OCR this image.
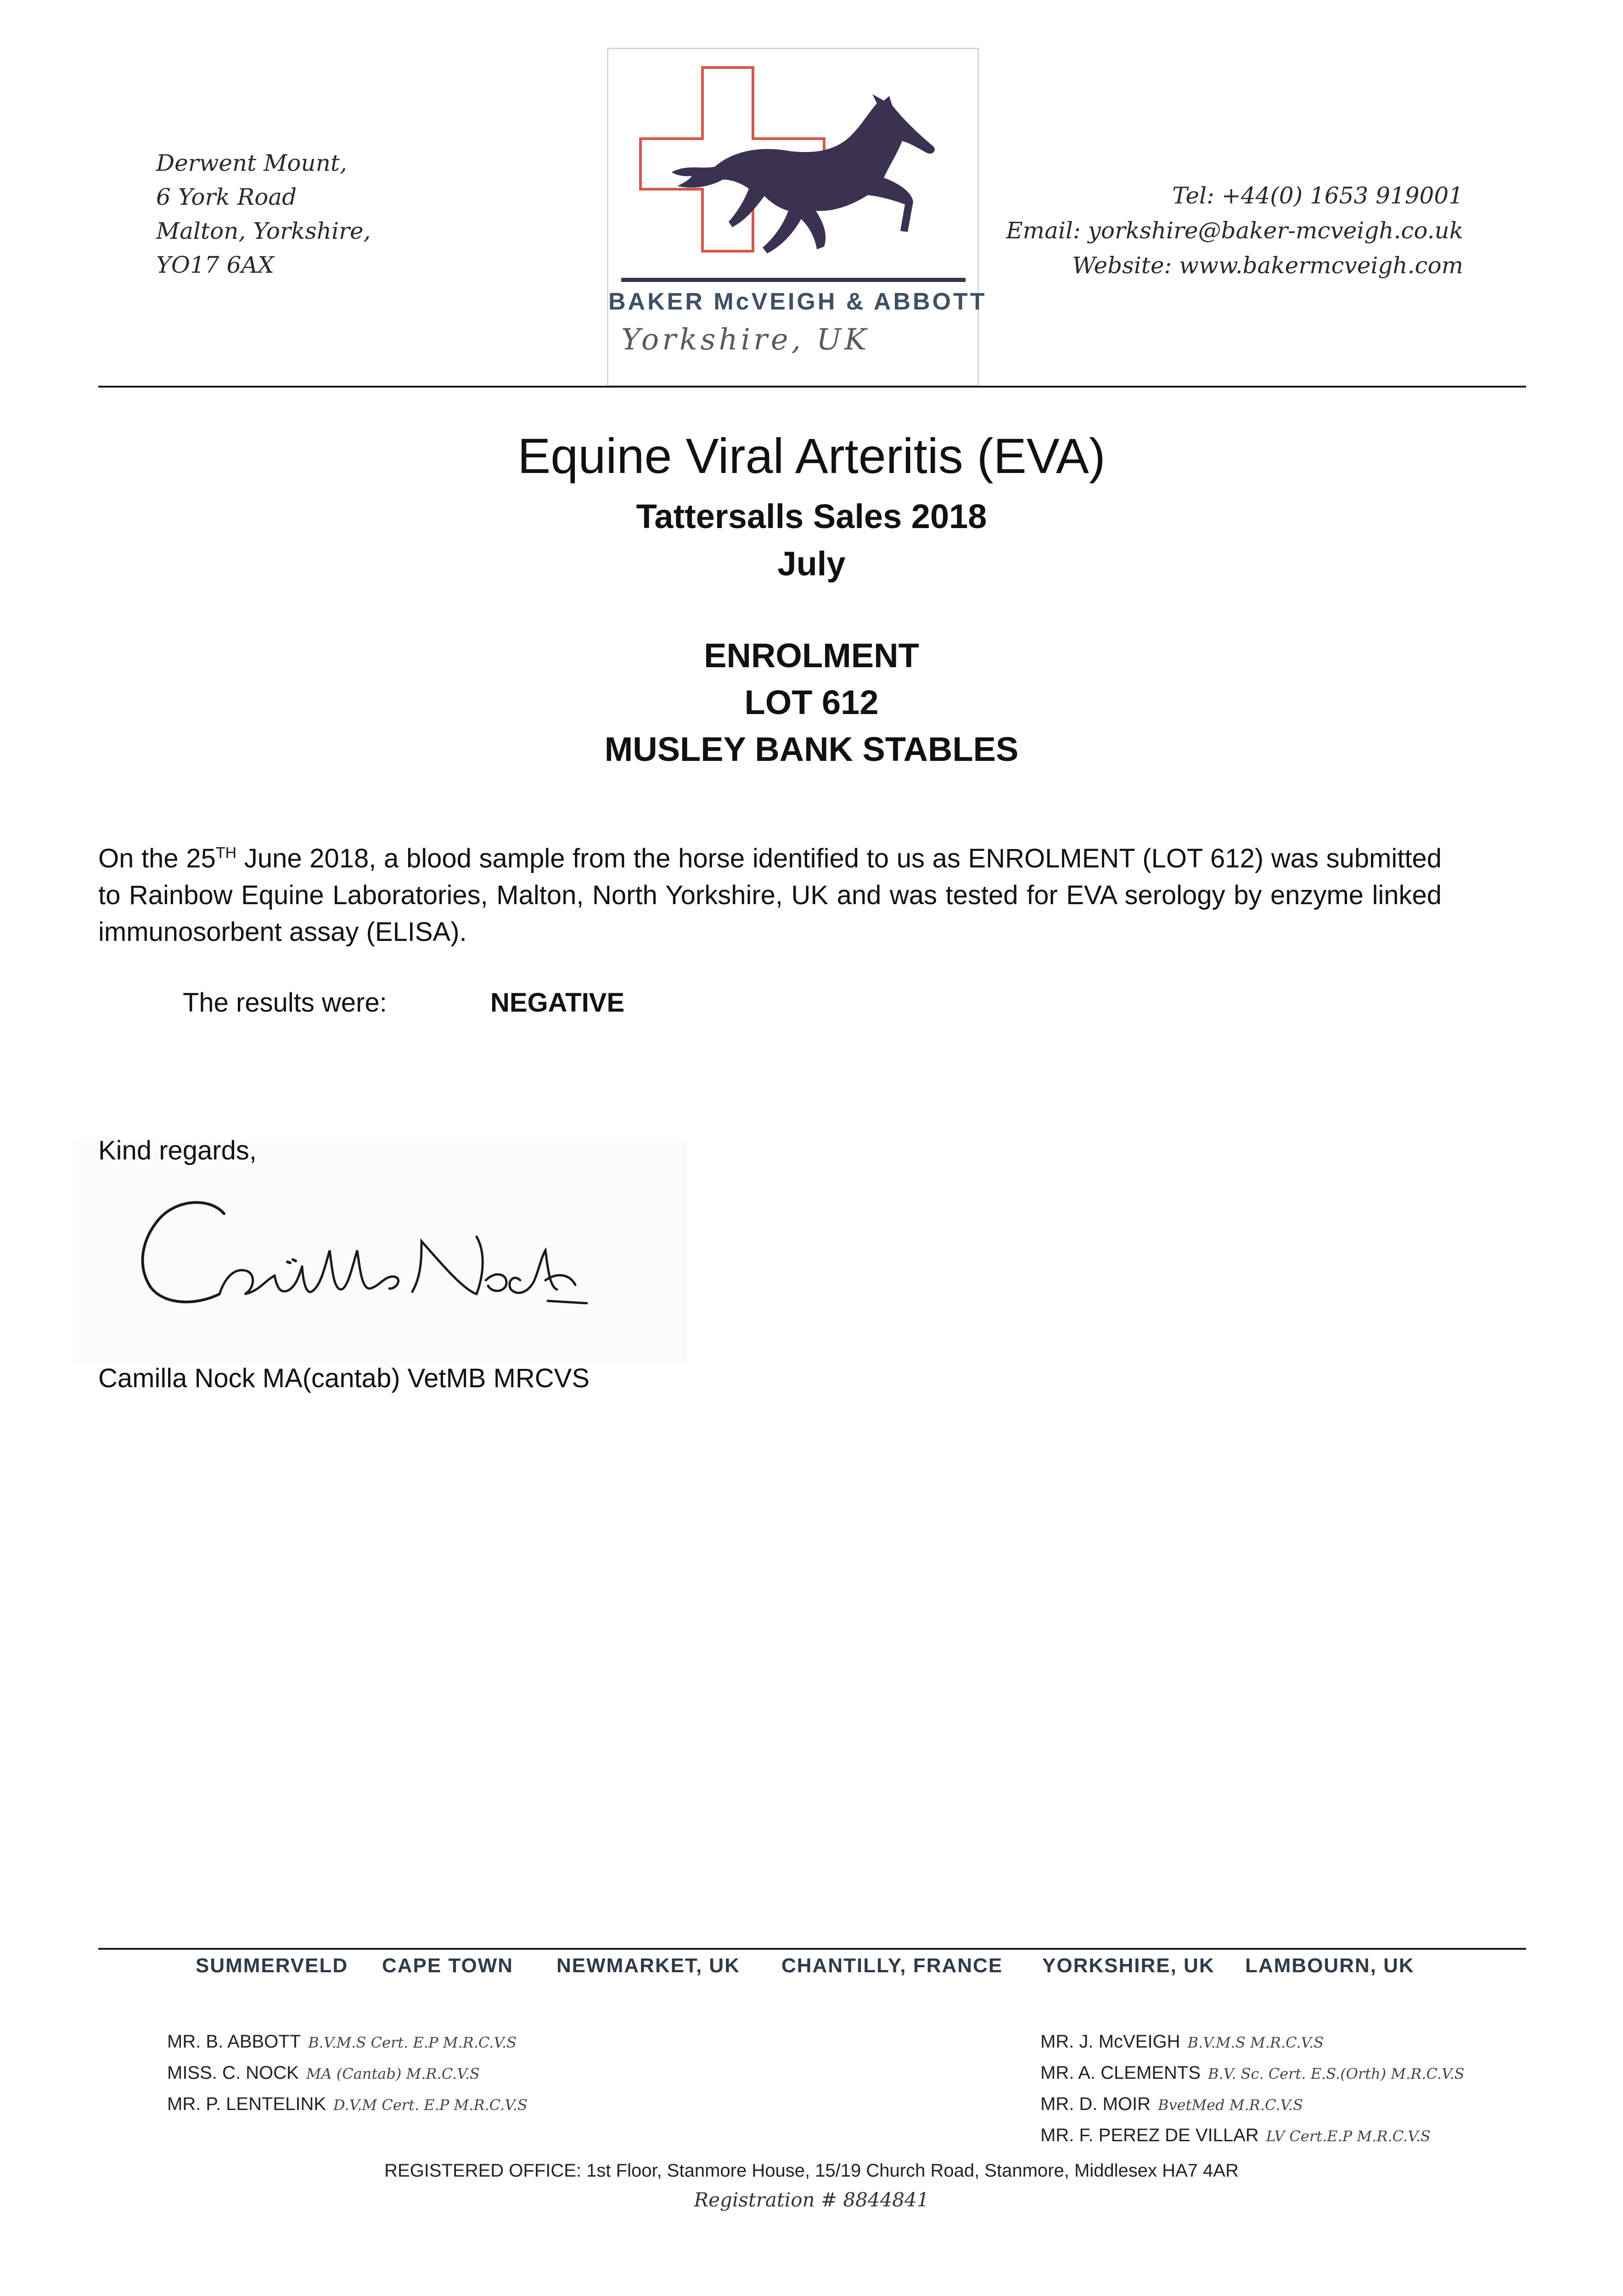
Derwent Mount,
6 York Road
Malton, Yorkshire,
YO17 6AX
BAKER McVEIGH & ABBOTT
Yorkshire, UK
Tel: +44(0) 1653 919001
Email: yorkshire@baker-mcveigh.co.uk
Website: www.bakermcveigh.com
Equine Viral Arteritis (EVA)
Tattersalls Sales 2018
July
ENROLMENT
LOT 612
MUSLEY BANK STABLES
On the 25TH June 2018, a blood sample from the horse identified to us as ENROLMENT (LOT 612) was submitted to Rainbow Equine Laboratories, Malton, North Yorkshire, UK and was tested for EVA serology by enzyme linked immunosorbent assay (ELISA).
The results were:	NEGATIVE
Kind regards,
Camilla Nock MA(cantab) VetMB MRCVS
SUMMERVELD CAPE TOWN NEWMARKET, UK CHANTILLY, FRANCE YORKSHIRE, UK LAMBOURN, UK
MR. B. ABBOTT B.V.M.S Cert. E.P M.R.C.V.S
MISS. C. NOCK MA (Cantab) M.R.C.V.S
MR. P. LENTELINK D.V.M Cert. E.P M.R.C.V.S
MR. J. McVEIGH B.V.M.S M.R.C.V.S
MR. A. CLEMENTS B.V. Sc. Cert. E.S.(Orth) M.R.C.V.S
MR. D. MOIR BvetMed M.R.C.V.S
MR. F. PEREZ DE VILLAR LV Cert.E.P M.R.C.V.S
REGISTERED OFFICE: 1st Floor, Stanmore House, 15/19 Church Road, Stanmore, Middlesex HA7 4AR
Registration # 8844841
